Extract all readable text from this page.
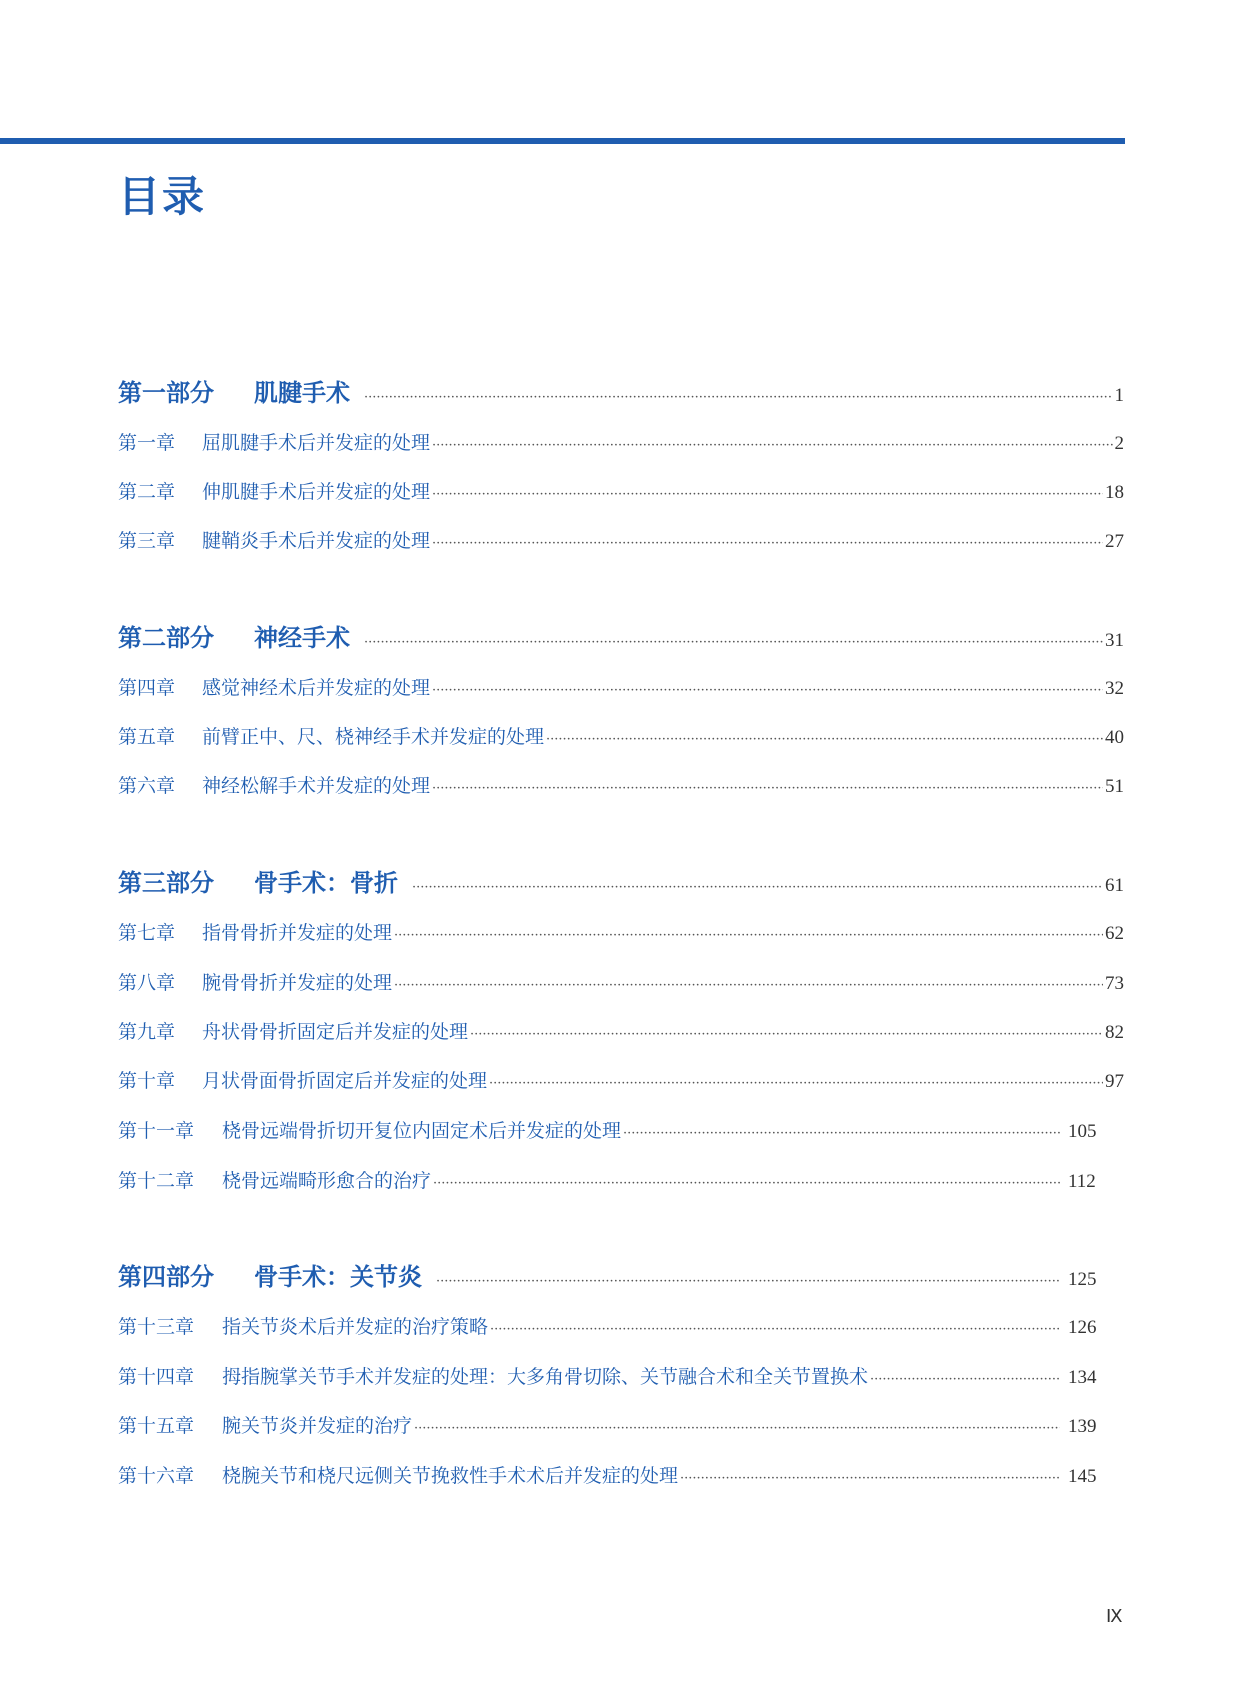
目录
第一部分	肌腱手术 ·····	1
第一章	屈肌腱手术后并发症的处理 ·····	2
第二章	伸肌腱手术后并发症的处理 ·····	18
第三章	腱鞘炎手术后并发症的处理 ·····	27
第二部分	神经手术 ·····	31
第四章	感觉神经术后并发症的处理 ·····	32
第五章	前臂正中、尺、桡神经手术并发症的处理 ·····	40
第六章	神经松解手术并发症的处理 ·····	51
第三部分	骨手术：骨折 ·····	61
第七章	指骨骨折并发症的处理 ·····	62
第八章	腕骨骨折并发症的处理 ·····	73
第九章	舟状骨骨折固定后并发症的处理 ·····	82
第十章	月状骨面骨折固定后并发症的处理 ·····	97
第十一章	桡骨远端骨折切开复位内固定术后并发症的处理 ·····	105
第十二章	桡骨远端畸形愈合的治疗 ·····	112
第四部分	骨手术：关节炎 ·····	125
第十三章	指关节炎术后并发症的治疗策略 ·····	126
第十四章	拇指腕掌关节手术并发症的处理：大多角骨切除、关节融合术和全关节置换术 ·····	134
第十五章	腕关节炎并发症的治疗 ·····	139
第十六章	桡腕关节和桡尺远侧关节挽救性手术术后并发症的处理 ·····	145
Ⅸ
